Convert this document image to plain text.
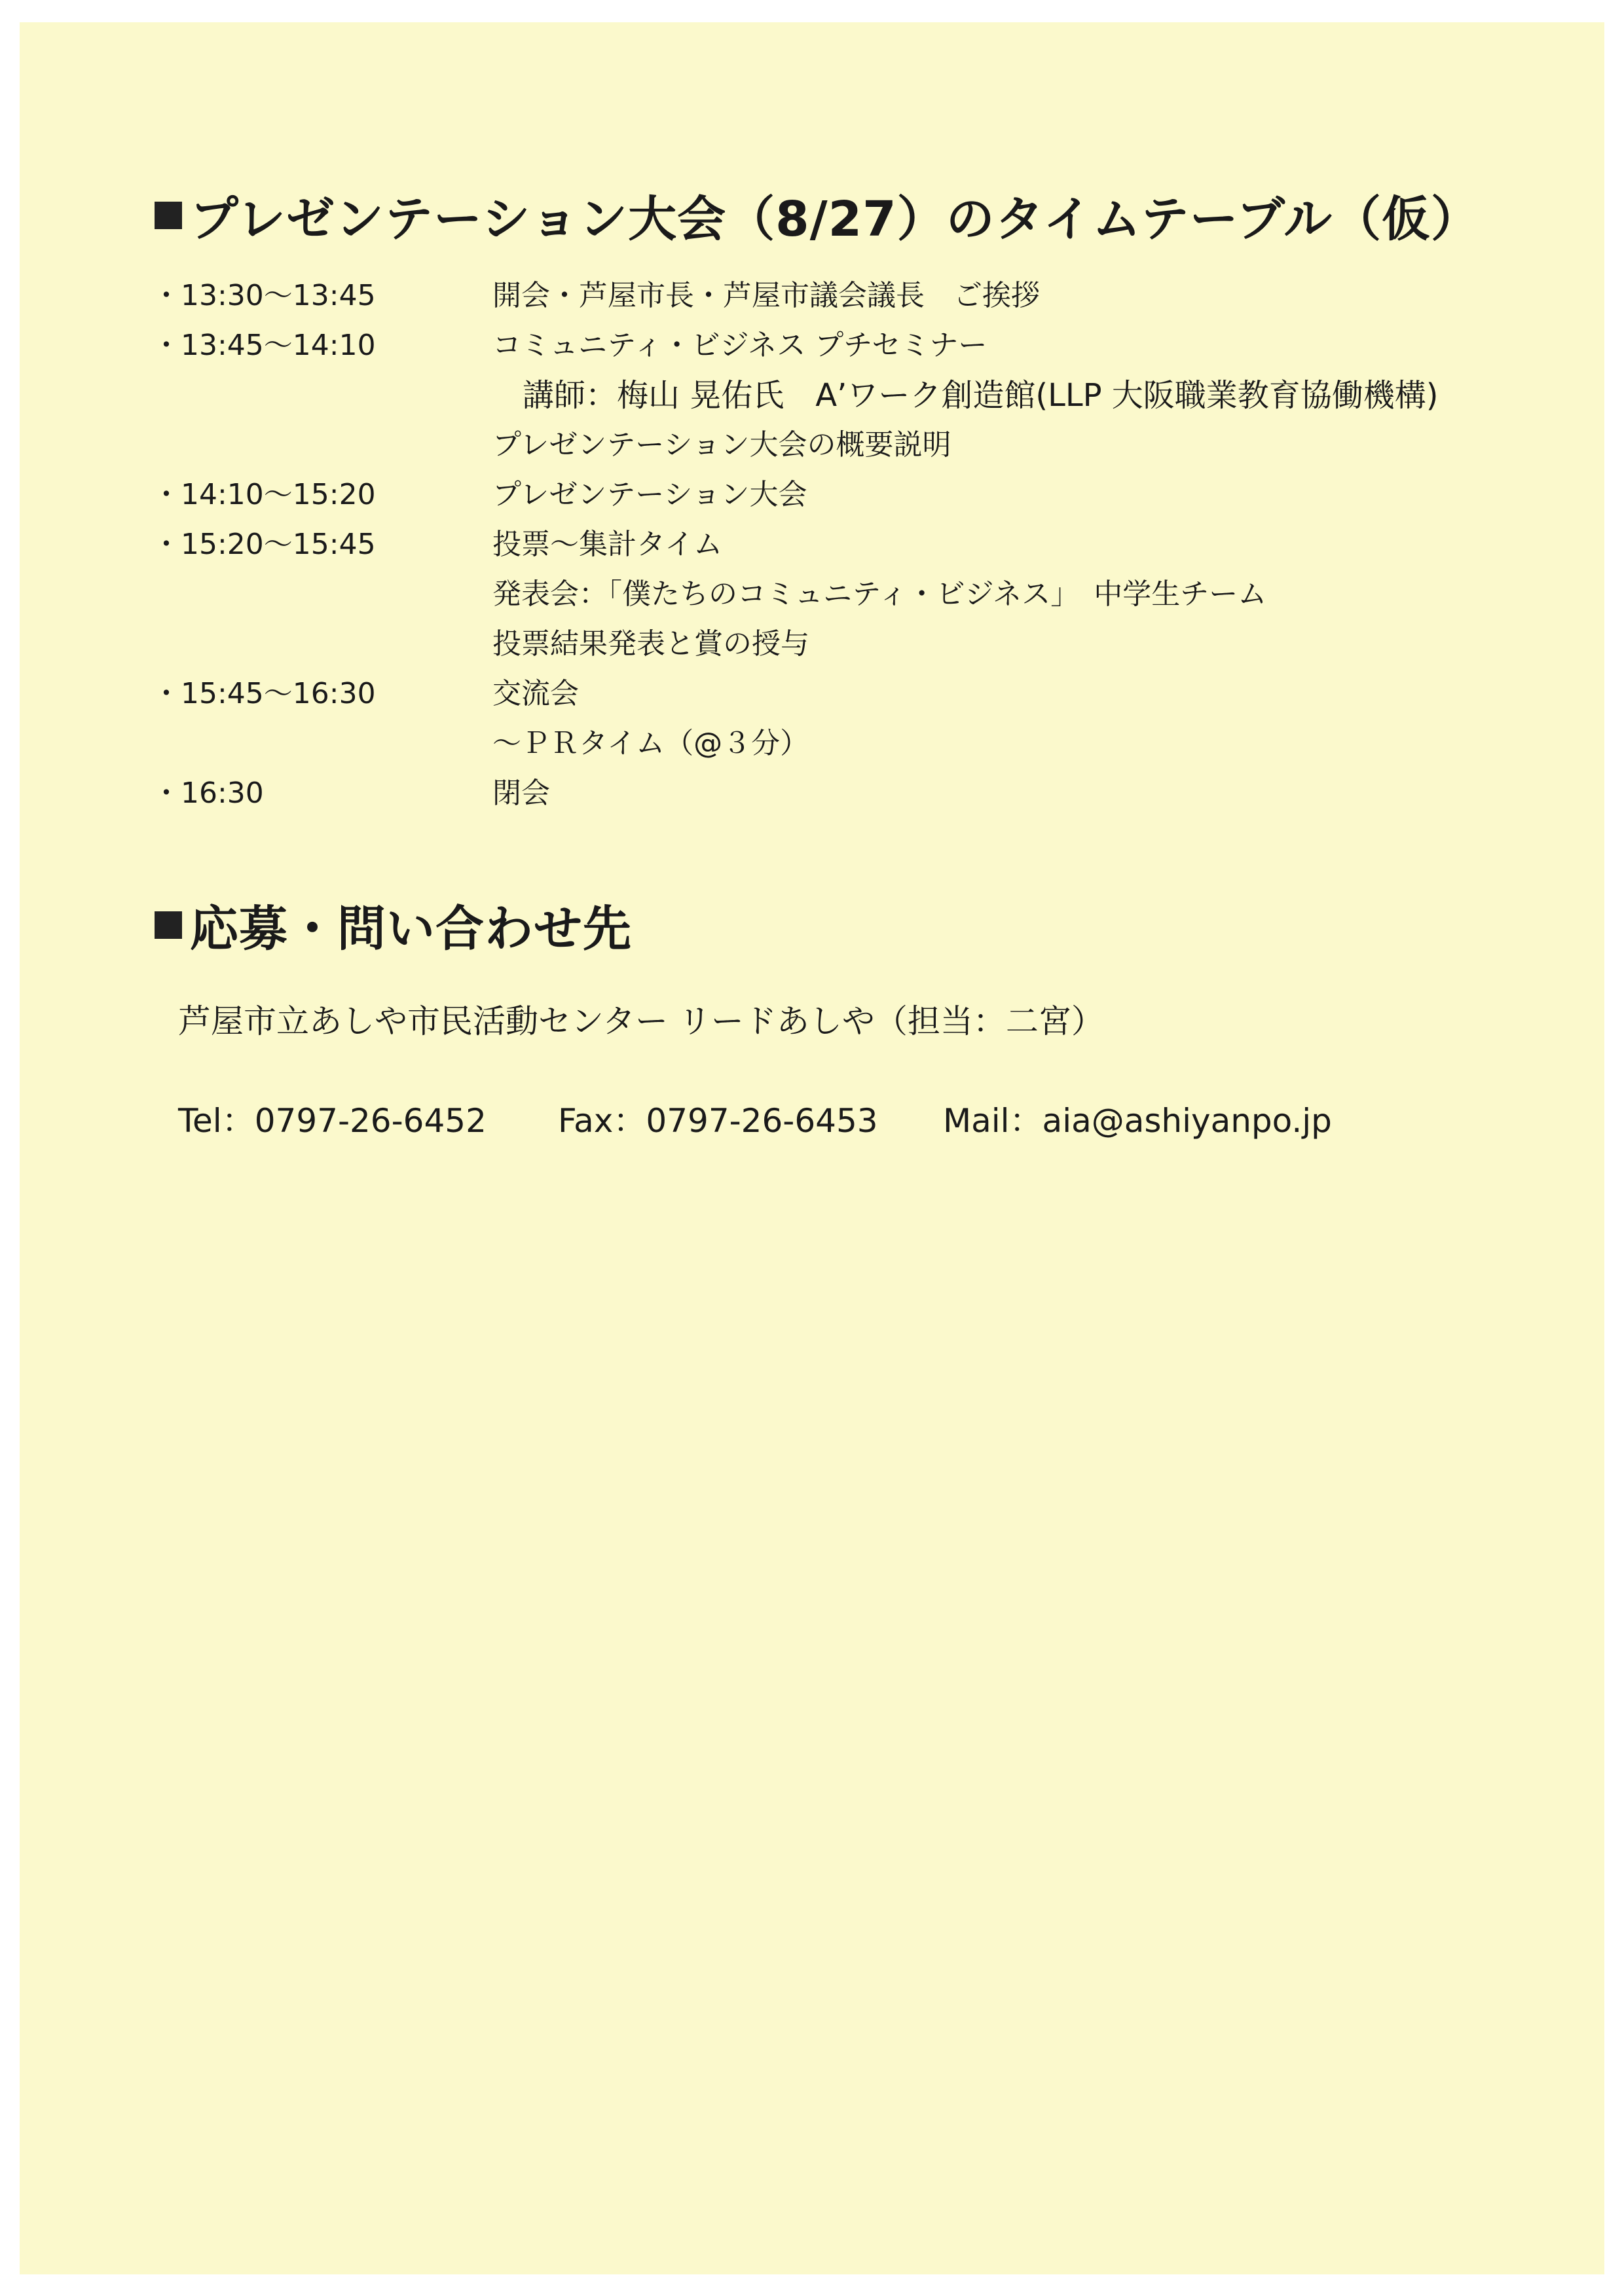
プレゼンテーション大会（8/27）のタイムテーブル（仮）
・13:30～13:45	開会・芦屋市長・芦屋市議会議長　ご挨拶
・13:45～14:10	コミュニティ・ビジネス プチセミナー
講師：梅山 晃佑氏　A’ワーク創造館(LLP 大阪職業教育協働機構)
プレゼンテーション大会の概要説明
・14:10～15:20	プレゼンテーション大会
・15:20～15:45	投票～集計タイム
発表会：「僕たちのコミュニティ・ビジネス」　中学生チーム
投票結果発表と賞の授与
・15:45～16:30	交流会
～ＰＲタイム（@３分）
・16:30	閉会
応募・問い合わせ先
芦屋市立あしや市民活動センター リードあしや（担当：二宮）
Tel：0797-26-6452 Fax：0797-26-6453 Mail：aia@ashiyanpo.jp
